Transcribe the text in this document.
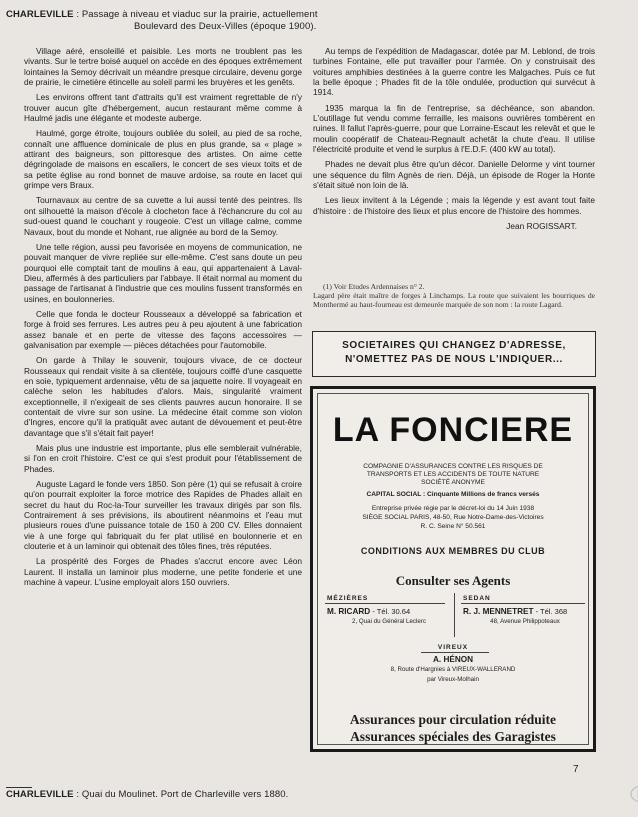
CHARLEVILLE : Passage à niveau et viaduc sur la prairie, actuellement
Boulevard des Deux-Villes (époque 1900).

Village aéré, ensoleillé et paisible. Les morts ne troublent pas les vivants. Sur le tertre boisé auquel on accède en des époques extrêmement lointaines la Semoy décrivait un méandre presque circulaire, devenu gorge de prairie, le cimetière étincelle au soleil parmi les bruyères et les genêts.

Les environs offrent tant d'attraits qu'il est vraiment regrettable de n'y trouver aucun gîte d'hébergement, aucun restaurant même comme à Haulmé jadis une élégante et modeste auberge.

Haulmé, gorge étroite, toujours oubliée du soleil, au pied de sa roche, connaît une affluence dominicale de plus en plus grande, sa « plage » attirant des baigneurs, son pittoresque des artistes. On aime cette dégringolade de maisons en escaliers, le concert de ses vieux toits et de sa petite église au rond bonnet de mauve ardoise, sa route en lacet qui grimpe vers Braux.

Tournavaux au centre de sa cuvette a lui aussi tenté des peintres. Ils ont silhouetté la maison d'école à clocheton face à l'échancrure du col au sud-ouest quand le couchant y rougeoie. C'est un village calme, comme Navaux, bout du monde et Nohant, rue alignée au bord de la Semoy.

Une telle région, aussi peu favorisée en moyens de communication, ne pouvait manquer de vivre repliée sur elle-même. C'est sans doute un peu pourquoi elle comptait tant de moulins à eau, qui appartenaient à Laval-Dieu, affermés à des particuliers par l'abbaye. Il était normal au moment du passage de l'artisanat à l'industrie que ces moulins fussent transformés en usines, en boulonneries.

Celle que fonda le docteur Rousseaux a développé sa fabrication et forge à froid ses ferrures. Les autres peu à peu ajoutent à une fabrication assez banale et en perte de vitesse des façons accessoires — galvanisation par exemple — pièces détachées pour l'automobile.

On garde à Thilay le souvenir, toujours vivace, de ce docteur Rousseaux qui rendait visite à sa clientèle, toujours coiffé d'une casquette en soie, typiquement ardennaise, vêtu de sa jaquette noire. Il voyageait en calèche selon les habitudes d'alors. Mais, singularité vraiment exceptionnelle, il n'exigeait de ses clients pauvres aucun honoraire. Il se contentait de vivre sur son usine. La médecine était comme son violon d'Ingres, encore qu'il la pratiquât avec autant de dévouement et peut-être davantage que s'il s'était fait payer!

Mais plus une industrie est importante, plus elle semblerait vulnérable, si l'on en croit l'histoire. C'est ce qui s'est produit pour l'établissement de Phades.

Auguste Lagard le fonde vers 1850. Son père (1) qui se refusait à croire qu'on pourrait exploiter la force motrice des Rapides de Phades allait en secret du haut du Roc-la-Tour surveiller les travaux dirigés par son fils. Contrairement à ses prévisions, ils aboutirent néanmoins et l'eau mut plusieurs roues d'une puissance totale de 150 à 200 CV. Elles donnaient vie à une forge qui fabriquait du fer plat utilisé en boulonnerie et en clouterie et à un laminoir qui obtenait des tôles fines, très réputées.

La prospérité des Forges de Phades s'accrut encore avec Léon Laurent. Il installa un laminoir plus moderne, une petite fonderie et une machine à vapeur. L'usine employait alors 150 ouvriers.

Au temps de l'expédition de Madagascar, dotée par M. Leblond, de trois turbines Fontaine, elle put travailler pour l'armée. On y construisait des voitures amphibies destinées à la guerre contre les Malgaches. Puis ce fut la belle époque ; Phades fit de la tôle ondulée, production qui survécut à 1914.

1935 marqua la fin de l'entreprise, sa déchéance, son abandon. L'outillage fut vendu comme ferraille, les maisons ouvrières tombèrent en ruines. Il fallut l'après-guerre, pour que Lorraine-Escaut les relevât et que le moulin coopératif de Chateau-Regnault achetât la chute d'eau. Il utilise l'électricité produite et vend le surplus à l'E.D.F. (400 kW au total).

Phades ne devait plus être qu'un décor. Danielle Delorme y vint tourner une séquence du film Agnès de rien. Déjà, un épisode de Roger la Honte s'était situé non loin de là.

Les lieux invitent à la Légende ; mais la légende y est avant tout faite d'histoire : de l'histoire des lieux et plus encore de l'histoire des hommes.

Jean ROGISSART.

(1) Voir Etudes Ardennaises n° 2.

Lagard père était maître de forges à Linchamps. La route que suivaient les bourriques de Monthermé au haut-fourneau est demeurée marquée de son nom : la route Lagard.

SOCIETAIRES QUI CHANGEZ D'ADRESSE,
N'OMETTEZ PAS DE NOUS L'INDIQUER...
LA FONCIERE
COMPAGNIE D'ASSURANCES CONTRE LES RISQUES DE
TRANSPORTS ET LES ACCIDENTS DE TOUTE NATURE
SOCIÉTÉ ANONYME
CAPITAL SOCIAL : Cinquante Millions de francs versés
Entreprise privée régie par le décret-loi du 14 Juin 1938
SIÈGE SOCIAL PARIS, 48-50, Rue Notre-Dame-des-Victoires
R. C. Seine N° 50.561
CONDITIONS AUX MEMBRES DU CLUB
Consulter ses Agents
MÉZIÈRES
M. RICARD - Tél. 30.64
2, Quai du Général Leclerc
SEDAN
R. J. MENNETRET - Tél. 368
48, Avenue Philippoteaux
VIREUX
A. HÉNON
8, Route d'Hargnies à VIREUX-WALLERAND
par Vireux-Molhain
Assurances pour circulation réduite
Assurances spéciales des Garagistes
7
CHARLEVILLE : Quai du Moulinet. Port de Charleville vers 1880.
